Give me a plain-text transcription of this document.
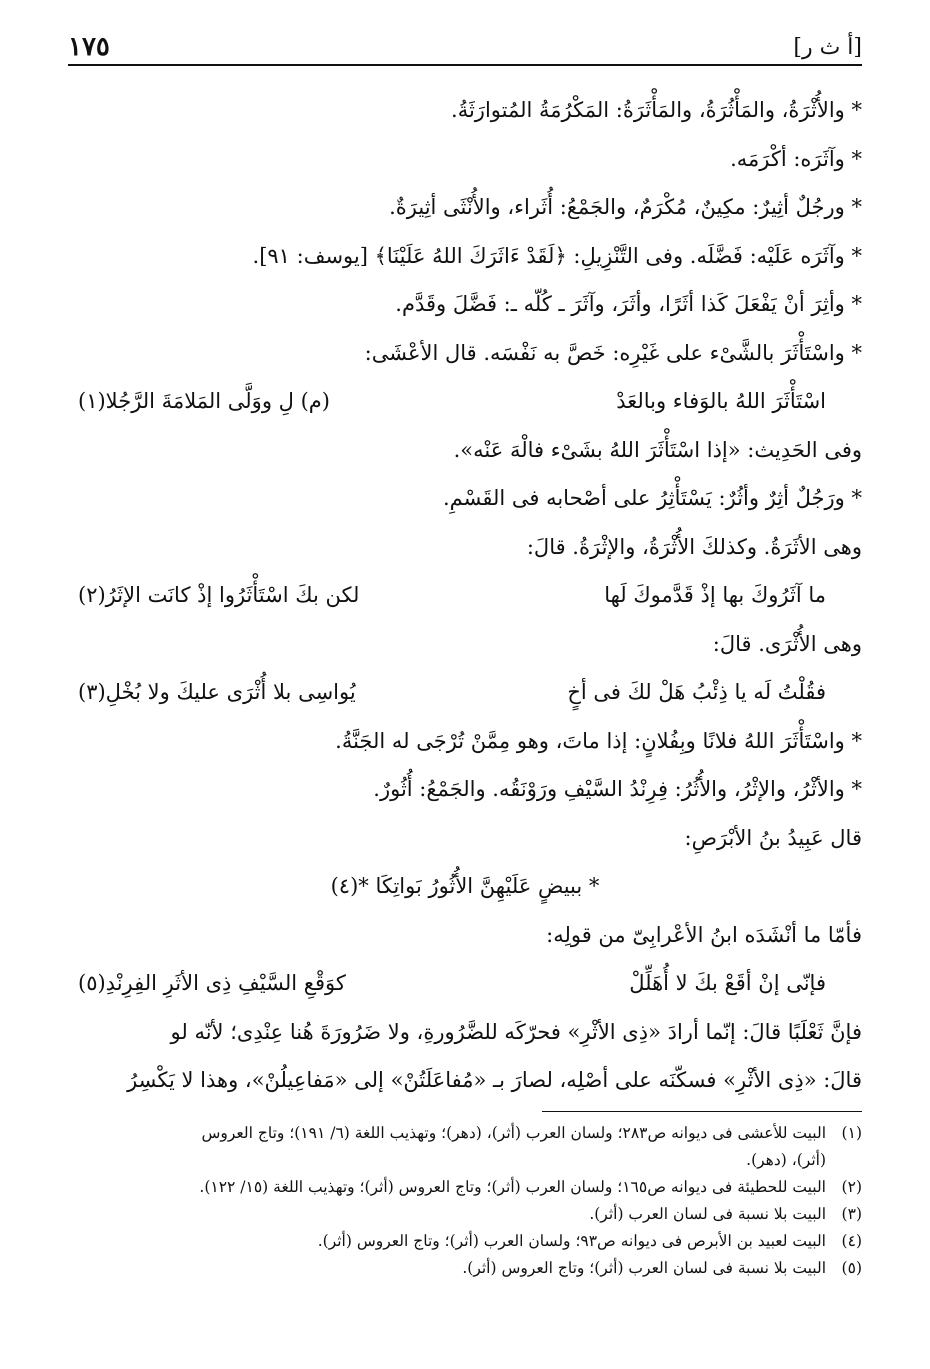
١٧٥	[أ ث ر]
* والأُثْرَةُ، والمَأْثُرَةُ، والمَأْثَرَةُ: المَكْرُمَةُ المُتوارَثَةُ.
* وآثَرَه: أكْرَمَه.
* ورجُلٌ أثِيرٌ: مكِينٌ، مُكْرَمٌ، والجَمْعُ: أُثَراء، والأُنْثَى أثِيرَةٌ.
* وآثَرَه عَلَيْه: فَضَّلَه. وفى التَّنْزِيلِ: ﴿لَقَدْ ءَاثَرَكَ اللهُ عَلَيْنَا﴾ [يوسف: ٩١].
* وأثِرَ أنْ يَفْعَلَ كَذا أثَرًا، وأثَرَ، وآثَرَ ـ كُلّه ـ: فَضَّلَ وقَدَّم.
* واسْتَأْثَرَ بالشَّىْء على غَيْرِه: خَصَّ به نَفْسَه. قال الأعْشَى:
اسْتَأْثَرَ اللهُ بالوَفاء وبالعَدْ
(م) لِ ووَلَّى المَلامَةَ الرَّجُلا(١)
وفى الحَدِيث: «إذا اسْتَأْثَرَ اللهُ بشَىْء فالْهَ عَنْه».
* ورَجُلٌ أثِرٌ وأثُرٌ: يَسْتَأْثِرُ على أصْحابه فى القَسْمِ.
وهى الأثَرَةُ. وكذلكَ الأُثْرَةُ، والإثْرَةُ. قالَ:
ما آثَرُوكَ بها إذْ قَدَّموكَ لَها
لكن بكَ اسْتَأْثَرُوا إذْ كانَت الإثَرُ(٢)
وهى الأُثْرَى. قالَ:
فقُلْتُ لَه يا ذِئْبُ هَلْ لكَ فى أخٍ
يُواسِى بلا أُثْرَى عليكَ ولا بُخْلِ(٣)
* واسْتَأْثَرَ اللهُ فلانًا وبِفُلانٍ: إذا ماتَ، وهو مِمَّنْ تُرْجَى له الجَنَّةُ.
* والأثْرُ، والإثْرُ، والأُثُرُ: فِرِنْدُ السَّيْفِ ورَوْنَقُه. والجَمْعُ: أُثُورٌ.
قال عَبِيدُ بنُ الأبْرَصِ:
* ببيضٍ عَلَيْهِنَّ الأُثُورُ بَواتِكَا *(٤)
فأمّا ما أنْشَدَه ابنُ الأعْرابِىّ من قولِه:
فإنّى إنْ أقَعْ بكَ لا أُهَلِّلْ
كوَقْعِ السَّيْفِ ذِى الأثَرِ الفِرِنْدِ(٥)
فإنَّ ثَعْلَبًا قالَ: إنّما أرادَ «ذِى الأثْرِ» فحرّكَه للضَّرُورةِ، ولا ضَرُورَةَ هُنا عِنْدِى؛ لأنّه لو
قالَ: «ذِى الأثْرِ» فسكّنَه على أصْلِه، لصارَ بـ «مُفاعَلَتُنْ» إلى «مَفاعِيلُنْ»، وهذا لا يَكْسِرُ
(١)
البيت للأعشى فى ديوانه ص٢٨٣؛ ولسان العرب (أثر)، (دهر)؛ وتهذيب اللغة (٦/ ١٩١)؛ وتاج العروس
(أثر)، (دهر).
(٢)
البيت للحطيئة فى ديوانه ص١٦٥؛ ولسان العرب (أثر)؛ وتاج العروس (أثر)؛ وتهذيب اللغة (١٥/ ١٢٢).
(٣)
البيت بلا نسبة فى لسان العرب (أثر).
(٤)
البيت لعبيد بن الأبرص فى ديوانه ص٩٣؛ ولسان العرب (أثر)؛ وتاج العروس (أثر).
(٥)
البيت بلا نسبة فى لسان العرب (أثر)؛ وتاج العروس (أثر).
